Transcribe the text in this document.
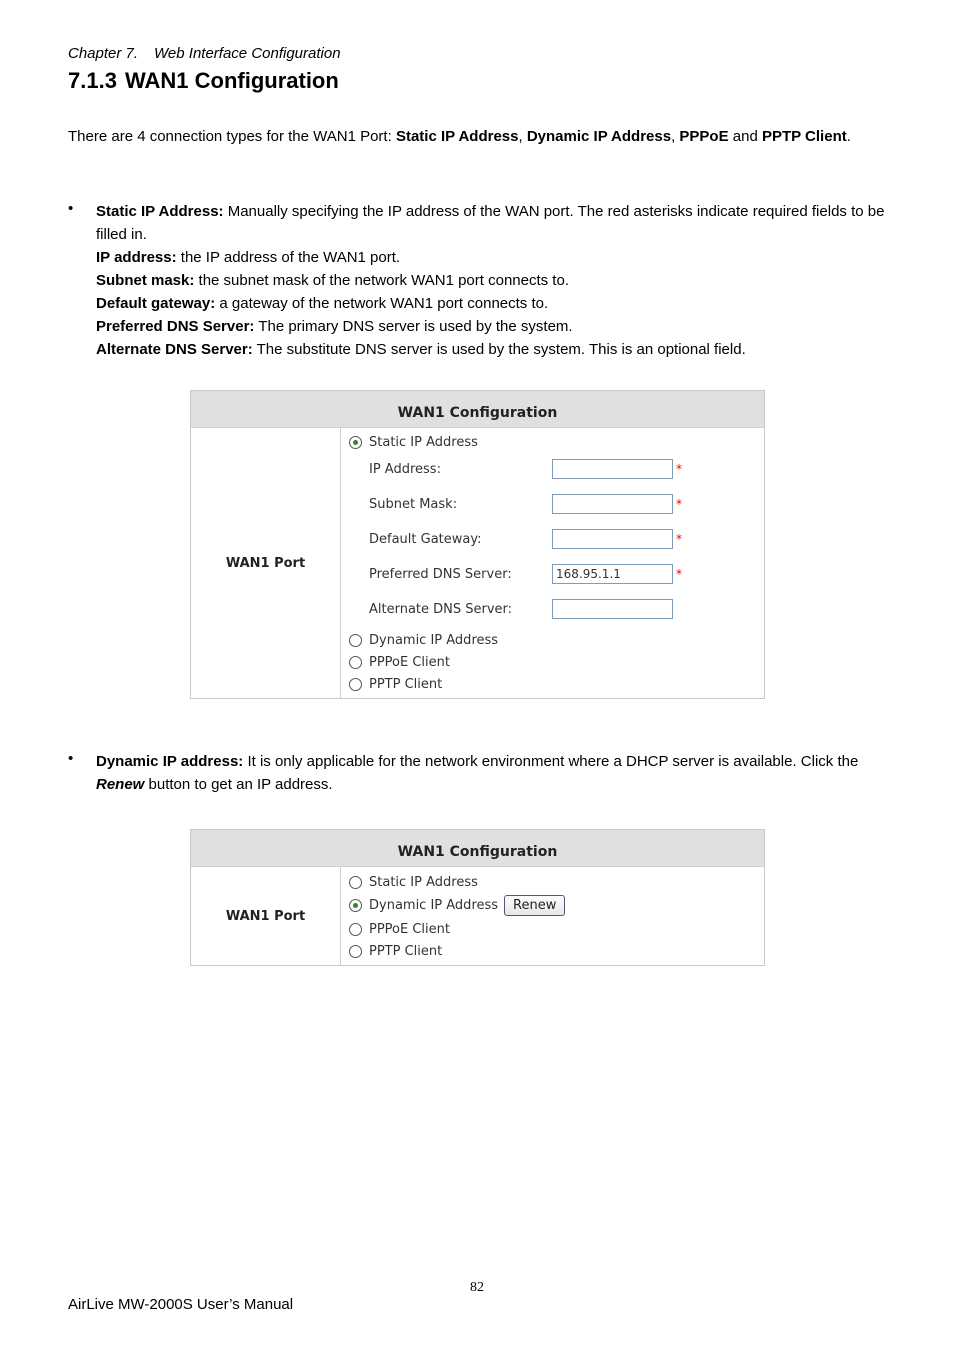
Chapter 7. Web Interface Configuration
7.1.3 WAN1 Configuration
There are 4 connection types for the WAN1 Port: Static IP Address, Dynamic IP Address, PPPoE and PPTP Client.
• Static IP Address: Manually specifying the IP address of the WAN port. The red asterisks indicate required fields to be filled in.
IP address: the IP address of the WAN1 port.
Subnet mask: the subnet mask of the network WAN1 port connects to.
Default gateway: a gateway of the network WAN1 port connects to.
Preferred DNS Server: The primary DNS server is used by the system.
Alternate DNS Server: The substitute DNS server is used by the system. This is an optional field.
WAN1 Configuration
WAN1 Port
Static IP Address
IP Address:	*
Subnet Mask:	*
Default Gateway:	*
Preferred DNS Server:
168.95.1.1	*
Alternate DNS Server:
Dynamic IP Address
PPPoE Client
PPTP Client
• Dynamic IP address: It is only applicable for the network environment where a DHCP server is available. Click the Renew button to get an IP address.
WAN1 Configuration
WAN1 Port
Static IP Address
Dynamic IP Address	Renew
PPPoE Client
PPTP Client
82
AirLive MW-2000S User’s Manual
